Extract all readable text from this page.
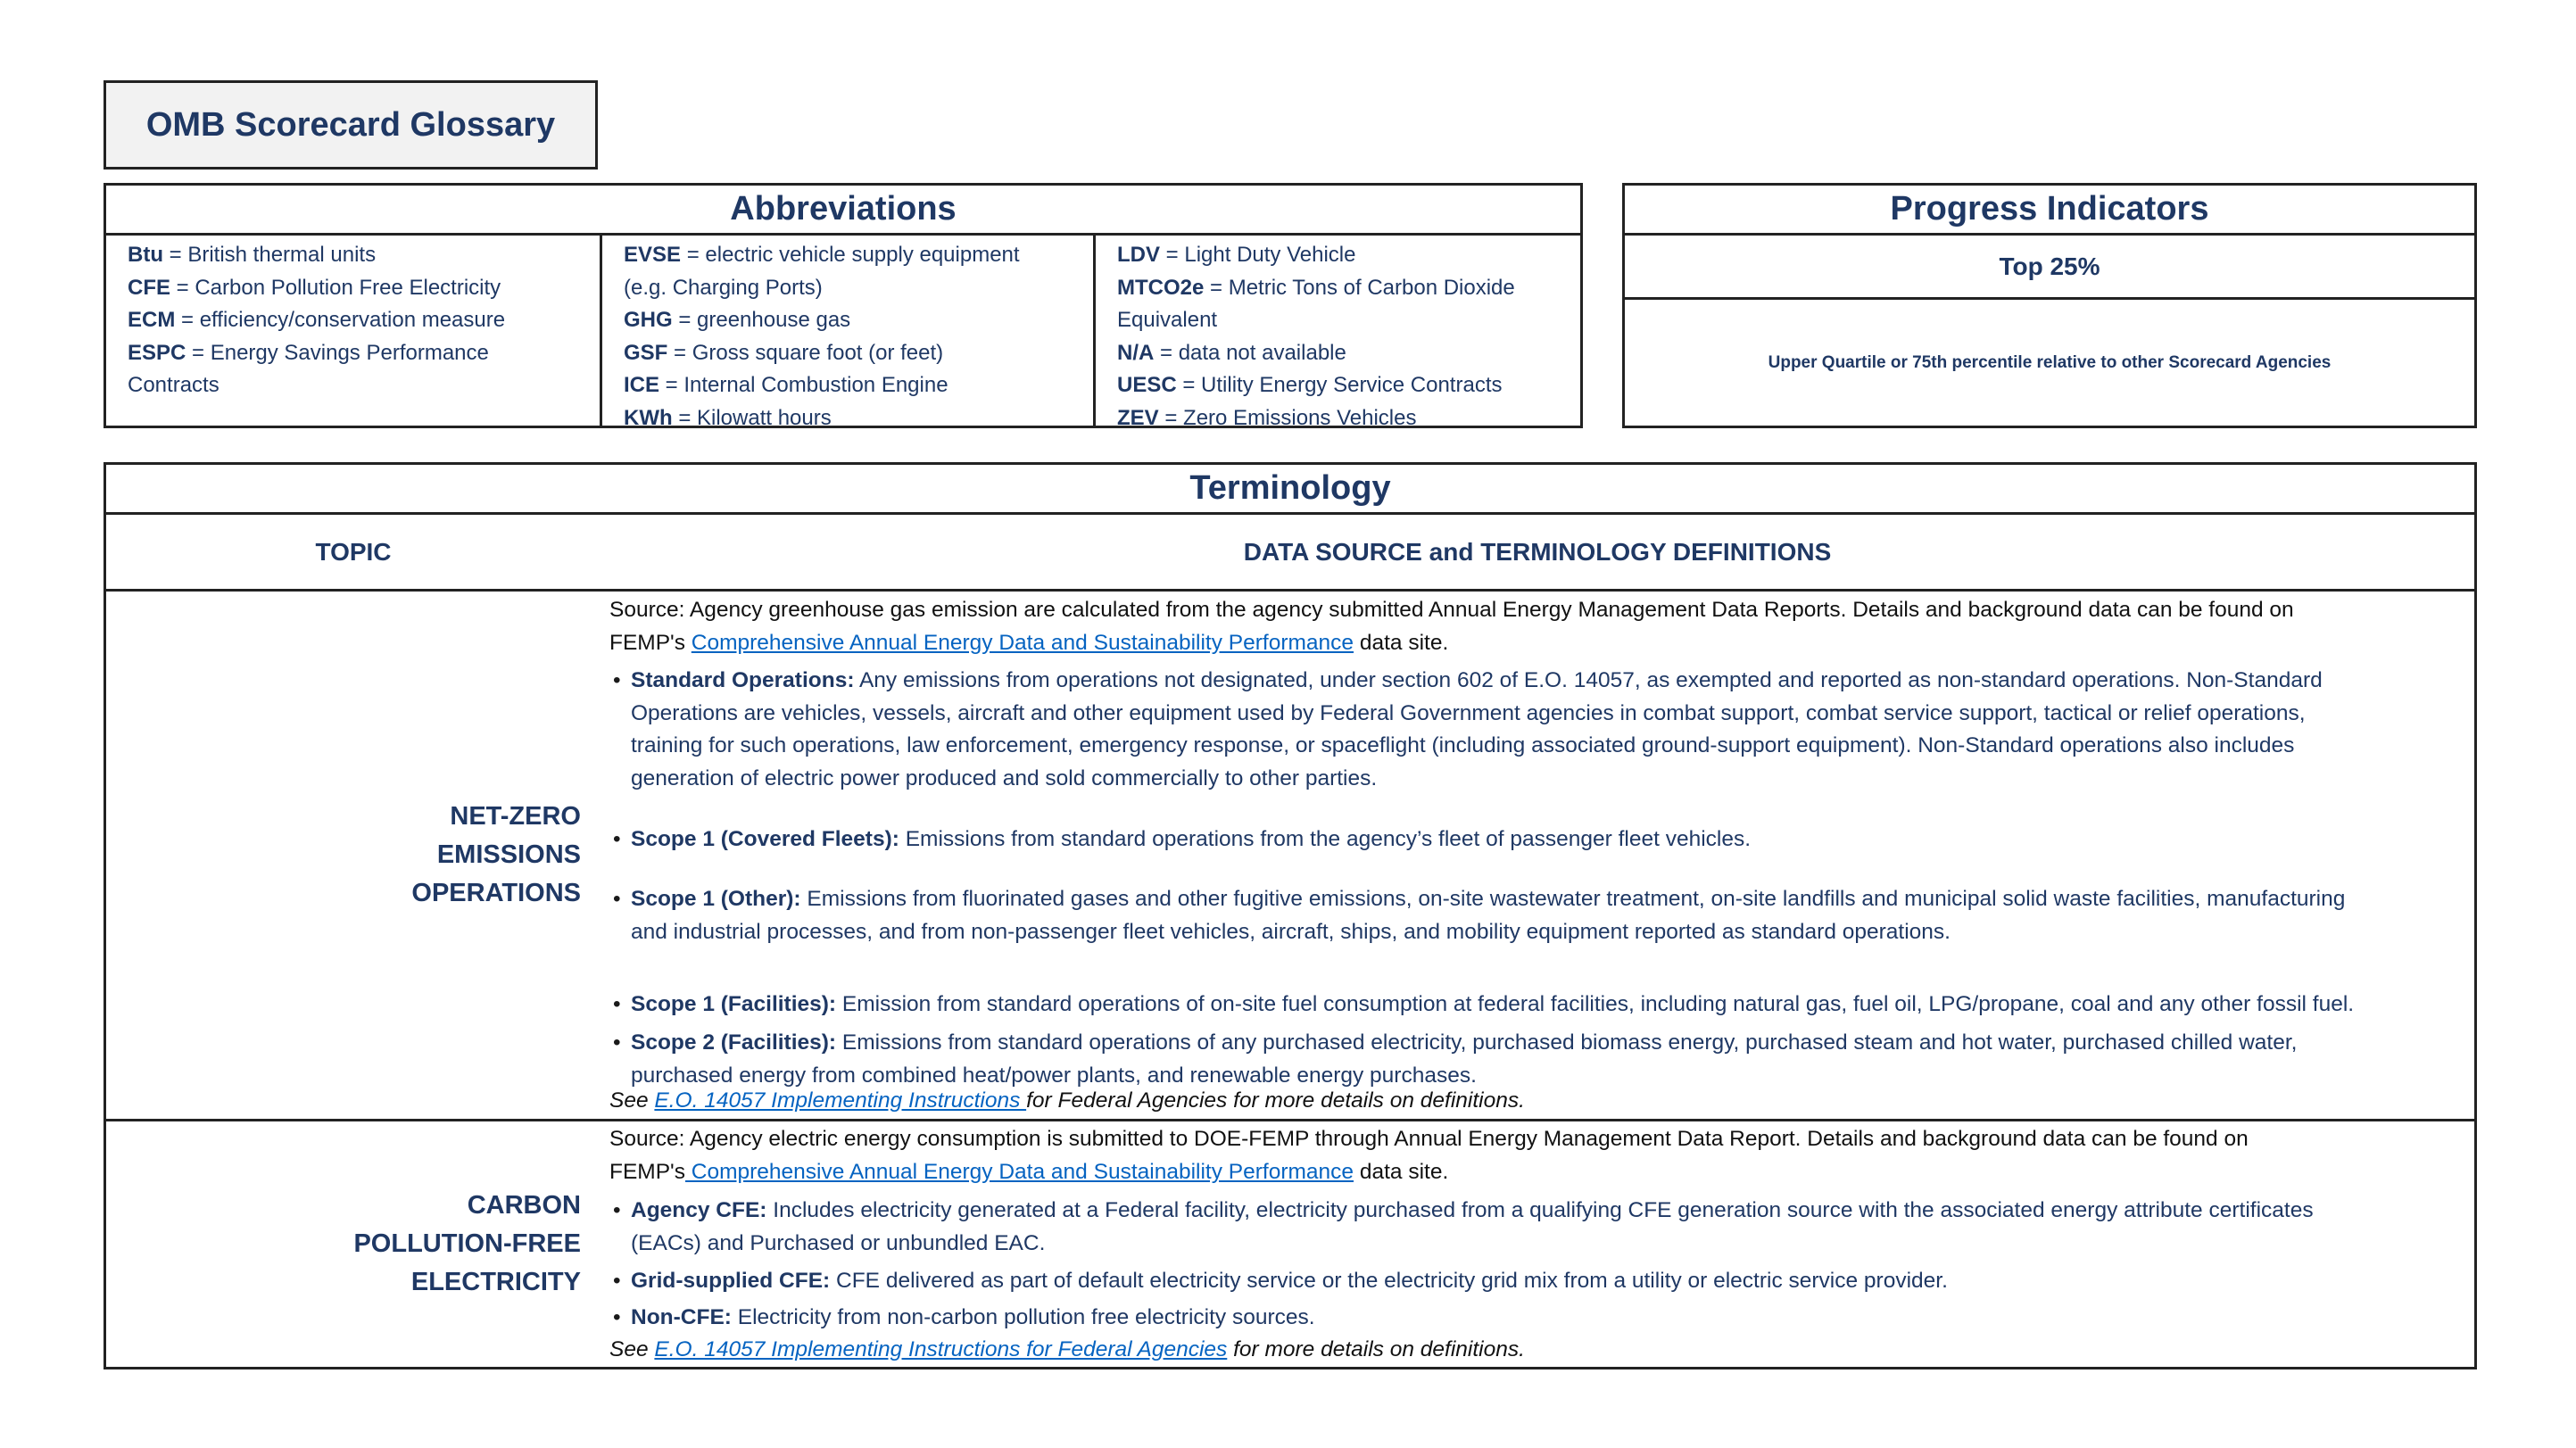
OMB Scorecard Glossary
Abbreviations
Btu = British thermal units
CFE = Carbon Pollution Free Electricity
ECM = efficiency/conservation measure
ESPC = Energy Savings Performance
Contracts
EVSE = electric vehicle supply equipment
(e.g. Charging Ports)
GHG = greenhouse gas
GSF = Gross square foot (or feet)
ICE = Internal Combustion Engine
KWh = Kilowatt hours
LDV = Light Duty Vehicle
MTCO2e = Metric Tons of Carbon Dioxide
Equivalent
N/A = data not available
UESC = Utility Energy Service Contracts
ZEV = Zero Emissions Vehicles
Progress Indicators
Top 25%
Upper Quartile or 75th percentile relative to other Scorecard Agencies
Terminology
TOPIC	DATA SOURCE and TERMINOLOGY DEFINITIONS
NET-ZERO
EMISSIONS
OPERATIONS
Source: Agency greenhouse gas emission are calculated from the agency submitted Annual Energy Management Data Reports. Details and background data can be found on
FEMP's Comprehensive Annual Energy Data and Sustainability Performance data site.
• Standard Operations: Any emissions from operations not designated, under section 602 of E.O. 14057, as exempted and reported as non-standard operations. Non-Standard
Operations are vehicles, vessels, aircraft and other equipment used by Federal Government agencies in combat support, combat service support, tactical or relief operations,
training for such operations, law enforcement, emergency response, or spaceflight (including associated ground-support equipment). Non-Standard operations also includes
generation of electric power produced and sold commercially to other parties.
• Scope 1 (Covered Fleets): Emissions from standard operations from the agency’s fleet of passenger fleet vehicles.
• Scope 1 (Other): Emissions from fluorinated gases and other fugitive emissions, on-site wastewater treatment, on-site landfills and municipal solid waste facilities, manufacturing
and industrial processes, and from non-passenger fleet vehicles, aircraft, ships, and mobility equipment reported as standard operations.
• Scope 1 (Facilities): Emission from standard operations of on-site fuel consumption at federal facilities, including natural gas, fuel oil, LPG/propane, coal and any other fossil fuel.
• Scope 2 (Facilities): Emissions from standard operations of any purchased electricity, purchased biomass energy, purchased steam and hot water, purchased chilled water,
purchased energy from combined heat/power plants, and renewable energy purchases.
See E.O. 14057 Implementing Instructions for Federal Agencies for more details on definitions.
CARBON
POLLUTION-FREE
ELECTRICITY
Source: Agency electric energy consumption is submitted to DOE-FEMP through Annual Energy Management Data Report. Details and background data can be found on
FEMP's Comprehensive Annual Energy Data and Sustainability Performance data site.
• Agency CFE: Includes electricity generated at a Federal facility, electricity purchased from a qualifying CFE generation source with the associated energy attribute certificates
(EACs) and Purchased or unbundled EAC.
• Grid-supplied CFE: CFE delivered as part of default electricity service or the electricity grid mix from a utility or electric service provider.
• Non-CFE: Electricity from non-carbon pollution free electricity sources.
See E.O. 14057 Implementing Instructions for Federal Agencies for more details on definitions.
